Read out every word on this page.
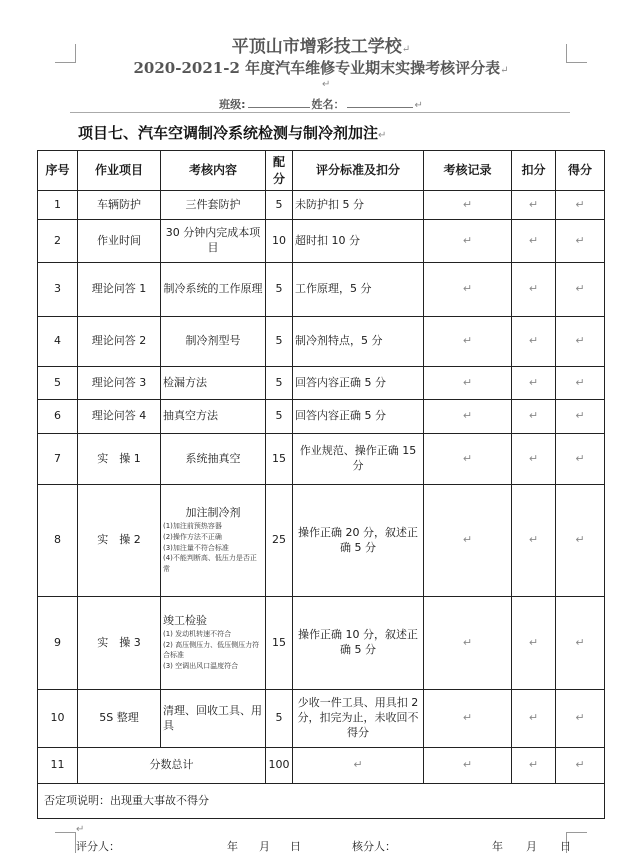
平顶山市增彩技工学校↵
2020-2021-2 年度汽车维修专业期末实操考核评分表↵
↵
班级:	姓名：	↵
项目七、汽车空调制冷系统检测与制冷剂加注↵
序号	作业项目	考核内容	配分	评分标准及扣分	考核记录	扣分	得分
1	车辆防护	三件套防护	5	未防护扣 5 分	↵	↵	↵
2	作业时间	30 分钟内完成本项目	10	超时扣 10 分	↵	↵	↵
3	理论问答 1	制冷系统的工作原理	5	工作原理，5 分	↵	↵	↵
4	理论问答 2	制冷剂型号	5	制冷剂特点，5 分	↵	↵	↵
5	理论问答 3	检漏方法	5	回答内容正确 5 分	↵	↵	↵
6	理论问答 4	抽真空方法	5	回答内容正确 5 分	↵	↵	↵
7	实　操 1	系统抽真空	15	作业规范、操作正确 15 分	↵	↵	↵
8	实　操 2	加注制冷剂
(1)加注前预热容器
(2)操作方法不正确
(3)加注量不符合标准
(4)不能判断高、低压力是否正常	25	操作正确 20 分，叙述正确 5 分	↵	↵	↵
9	实　操 3	竣工检验
(1) 发动机转速不符合
(2) 高压侧压力、低压侧压力符合标准
(3) 空调出风口温度符合	15	操作正确 10 分，叙述正确 5 分	↵	↵	↵
10	5S 整理	清理、回收工具、用具	5	少收一件工具、用具扣 2 分，扣完为止，未收回不得分	↵	↵	↵
11	分数总计		100	↵	↵	↵	↵
否定项说明：出现重大事故不得分							
↵
评分人：	年 月 日	核分人：	年 月 日
